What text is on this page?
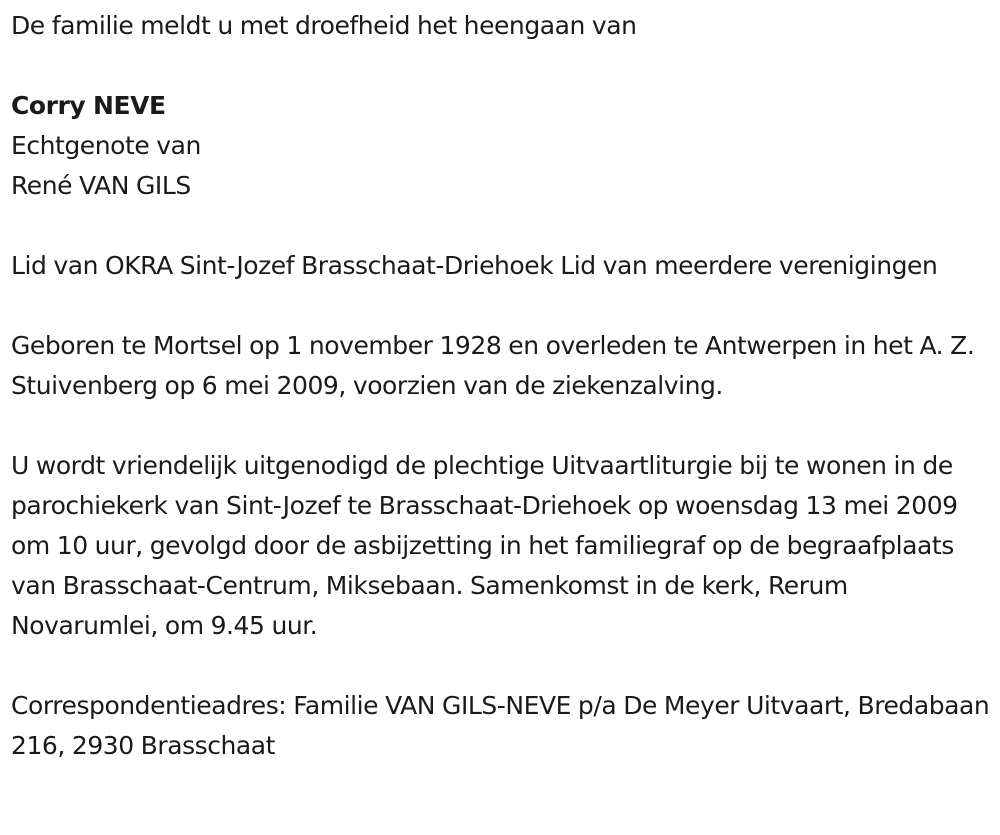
De familie meldt u met droefheid het heengaan van

Corry NEVE

Echtgenote van

René VAN GILS

Lid van OKRA Sint-Jozef Brasschaat-Driehoek Lid van meerdere verenigingen

Geboren te Mortsel op 1 november 1928 en overleden te Antwerpen in het A. Z. Stuivenberg op 6 mei 2009, voorzien van de ziekenzalving.

U wordt vriendelijk uitgenodigd de plechtige Uitvaartliturgie bij te wonen in de parochiekerk van Sint-Jozef te Brasschaat-Driehoek op woensdag 13 mei 2009 om 10 uur, gevolgd door de asbijzetting in het familiegraf op de begraafplaats van Brasschaat-Centrum, Miksebaan. Samenkomst in de kerk, Rerum Novarumlei, om 9.45 uur.

Correspondentieadres: Familie VAN GILS-NEVE p/a De Meyer Uitvaart, Bredabaan 216, 2930 Brasschaat
